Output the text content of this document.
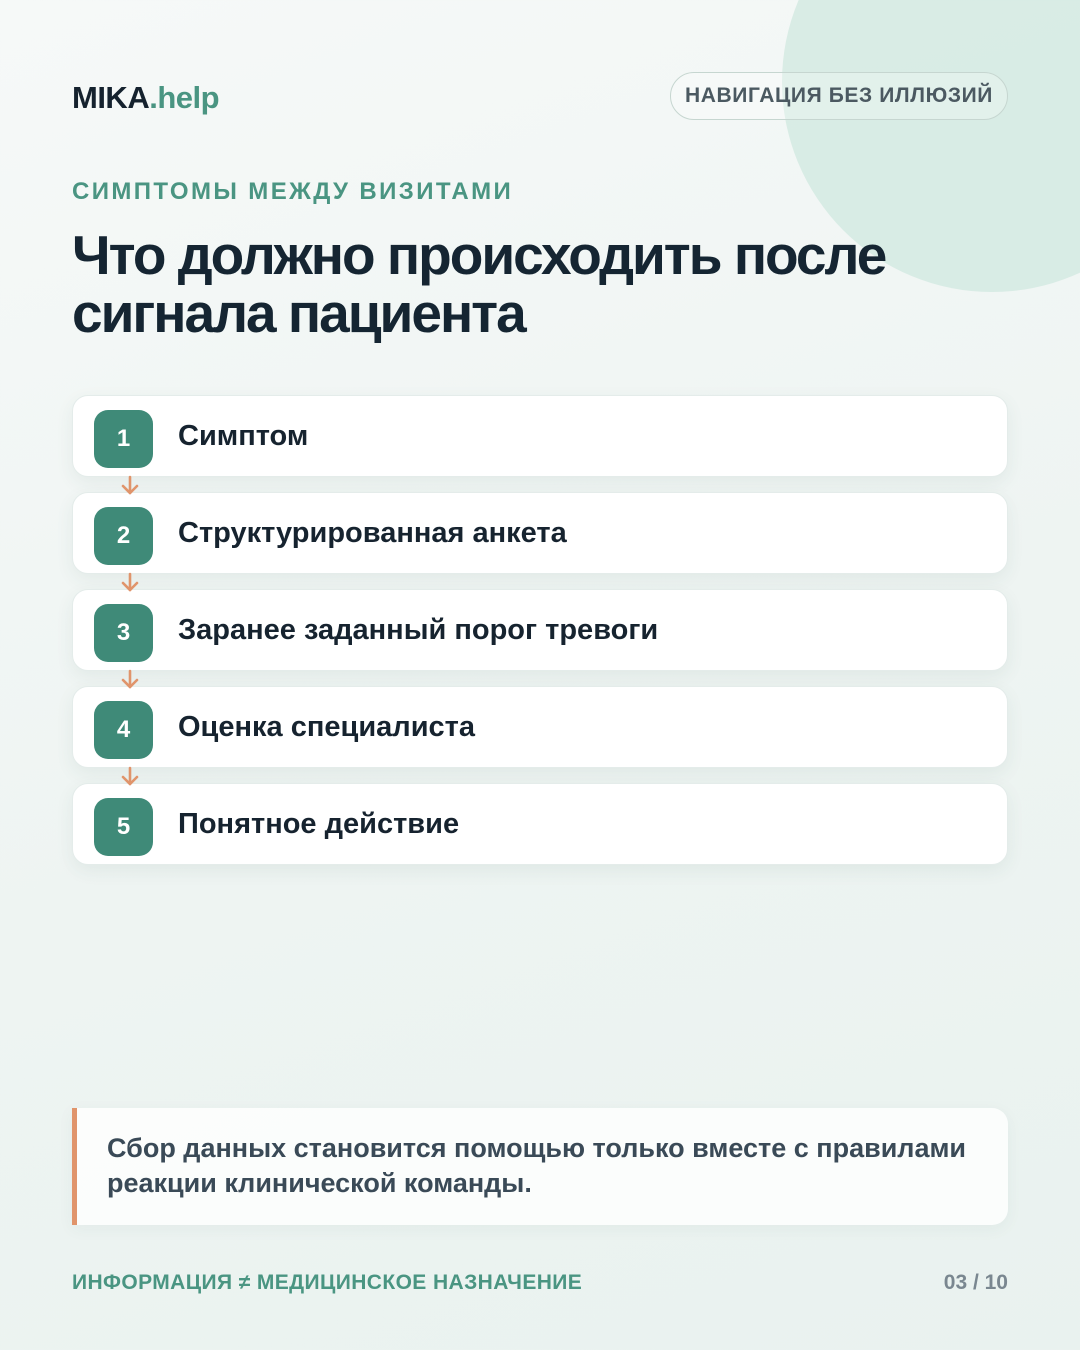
MIKA.help	НАВИГАЦИЯ БЕЗ ИЛЛЮЗИЙ
СИМПТОМЫ МЕЖДУ ВИЗИТАМИ
Что должно происходить после
сигнала пациента
1	Симптом
2	Структурированная анкета
3	Заранее заданный порог тревоги
4	Оценка специалиста
5	Понятное действие

Сбор данных становится помощью только вместе с правилами реакции клинической команды.

ИНФОРМАЦИЯ ≠ МЕДИЦИНСКОЕ НАЗНАЧЕНИЕ	03 / 10
